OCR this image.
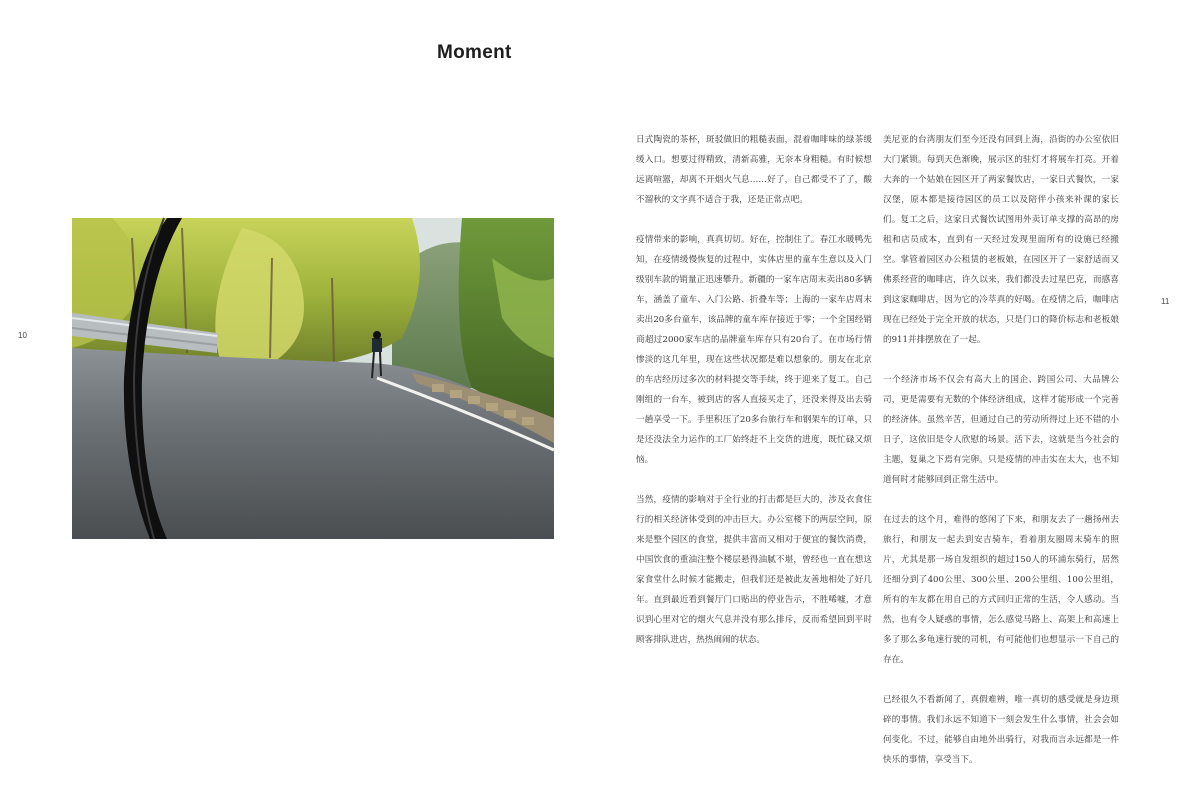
Moment
10
11

日式陶瓷的茶杯，斑驳做旧的粗糙表面，混着咖啡味的绿茶缓缓入口。想要过得精致，清新高雅，无奈本身粗糙。有时候想远离喧嚣，却离不开烟火气息……好了，自己都受不了了，酸不溜秋的文字真不适合于我，还是正常点吧。

疫情带来的影响，真真切切。好在，控制住了。春江水暖鸭先知，在疫情缓慢恢复的过程中，实体店里的童车生意以及入门级别车款的销量正迅速攀升。新疆的一家车店周末卖出80多辆车，涵盖了童车、入门公路、折叠车等；上海的一家车店周末卖出20多台童车，该品牌的童车库存接近于零；一个全国经销商超过2000家车店的品牌童车库存只有20台了。在市场行情惨淡的这几年里，现在这些状况都是难以想象的。朋友在北京的车店经历过多次的材料提交等手续，终于迎来了复工。自己刚组的一台车，被到店的客人直接买走了，还没来得及出去骑一趟享受一下。手里积压了20多台旅行车和钢架车的订单，只是还没法全力运作的工厂始终赶不上交货的进度，既忙碌又烦恼。

当然，疫情的影响对于全行业的打击都是巨大的，涉及衣食住行的相关经济体受到的冲击巨大。办公室楼下的两层空间，原来是整个园区的食堂，提供丰富而又相对于便宜的餐饮消费，中国饮食的重油注整个楼层悬得油腻不堪，曾经也一直在想这家食堂什么时候才能搬走，但我们还是被此友善地相处了好几年。直到最近看到餐厅门口贴出的停业告示，不胜唏嘘，才意识到心里对它的烟火气息并没有那么排斥，反而希望回到平时顾客排队进店，热热闹闹的状态。

美尼亚的台湾朋友们至今还没有回到上海，沿街的办公室依旧大门紧锁。每到天色渐晚，展示区的驻灯才将展车打亮。开着大奔的一个姑娘在园区开了两家餐饮店，一家日式餐饮，一家汉堡，原本都是接待园区的员工以及陪伴小孩来补课的家长们。复工之后，这家日式餐饮试图用外卖订单支撑的高昂的房租和店员成本，直到有一天经过发现里面所有的设施已经搬空。掌管着园区办公租赁的老板娘，在园区开了一家舒适而又佛系经营的咖啡店，许久以来，我们都没去过星巴克，而感喜到这家咖啡店，因为它的冷萃真的好喝。在疫情之后，咖啡店现在已经处于完全开放的状态，只是门口的降价标志和老板娘的911并排摆放在了一起。

一个经济市场不仅会有高大上的国企、跨国公司、大品牌公司，更是需要有无数的个体经济组成，这样才能形成一个完善的经济体。虽然辛苦，但通过自己的劳动所得过上还不错的小日子，这依旧是令人欣慰的场景。活下去，这就是当今社会的主题，复巢之下焉有完卵。只是疫情的冲击实在太大，也不知道何时才能够回到正常生活中。

在过去的这个月，难得的悠闲了下来，和朋友去了一趟扬州去旅行，和朋友一起去到安吉骑车，看着朋友圈周末骑车的照片，尤其是那一场自发组织的超过150人的环浦东骑行，居然还细分到了400公里、300公里、200公里组、100公里组，所有的车友都在用自己的方式回归正常的生活，令人感动。当然，也有令人疑惑的事情，怎么感觉马路上、高架上和高速上多了那么多龟速行驶的司机，有可能他们也想显示一下自己的存在。

已经很久不看新闻了，真假难辨，唯一真切的感受就是身边琐碎的事情。我们永远不知道下一刻会发生什么事情，社会会如何变化。不过，能够自由地外出骑行，对我而言永远都是一件快乐的事情，享受当下。
